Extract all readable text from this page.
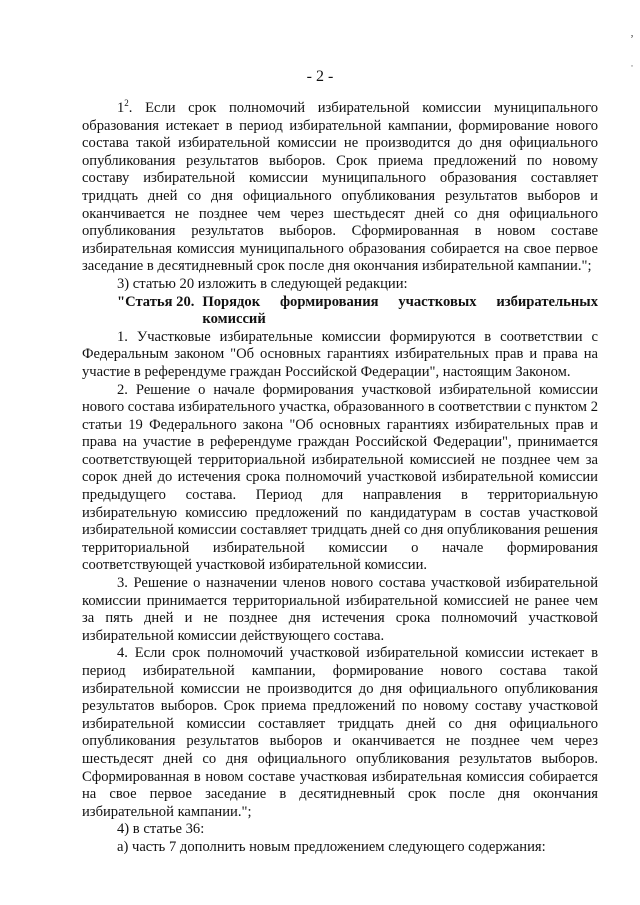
ʼ
˙
- 2 -

$1^2$. Если срок полномочий избирательной комиссии муниципального образования истекает в период избирательной кампании, формирование нового состава такой избирательной комиссии не производится до дня официального опубликования результатов выборов. Срок приема предложений по новому составу избирательной комиссии муниципального образования составляет тридцать дней со дня официального опубликования результатов выборов и оканчивается не позднее чем через шестьдесят дней со дня официального опубликования результатов выборов. Сформированная в новом составе избирательная комиссия муниципального образования собирается на свое первое заседание в десятидневный срок после дня окончания избирательной кампании.";

3) статью 20 изложить в следующей редакции:

"Статья 20. Порядок формирования участковых избирательных комиссий

1. Участковые избирательные комиссии формируются в соответствии с Федеральным законом "Об основных гарантиях избирательных прав и права на участие в референдуме граждан Российской Федерации", настоящим Законом.

2. Решение о начале формирования участковой избирательной комиссии нового состава избирательного участка, образованного в соответствии с пунктом 2 статьи 19 Федерального закона "Об основных гарантиях избирательных прав и права на участие в референдуме граждан Российской Федерации", принимается соответствующей территориальной избирательной комиссией не позднее чем за сорок дней до истечения срока полномочий участковой избирательной комиссии предыдущего состава. Период для направления в территориальную избирательную комиссию предложений по кандидатурам в состав участковой избирательной комиссии составляет тридцать дней со дня опубликования решения территориальной избирательной комиссии о начале формирования соответствующей участковой избирательной комиссии.

3. Решение о назначении членов нового состава участковой избирательной комиссии принимается территориальной избирательной комиссией не ранее чем за пять дней и не позднее дня истечения срока полномочий участковой избирательной комиссии действующего состава.

4. Если срок полномочий участковой избирательной комиссии истекает в период избирательной кампании, формирование нового состава такой избирательной комиссии не производится до дня официального опубликования результатов выборов. Срок приема предложений по новому составу участковой избирательной комиссии составляет тридцать дней со дня официального опубликования результатов выборов и оканчивается не позднее чем через шестьдесят дней со дня официального опубликования результатов выборов. Сформированная в новом составе участковая избирательная комиссия собирается на свое первое заседание в десятидневный срок после дня окончания избирательной кампании.";

4) в статье 36:

а) часть 7 дополнить новым предложением следующего содержания:
